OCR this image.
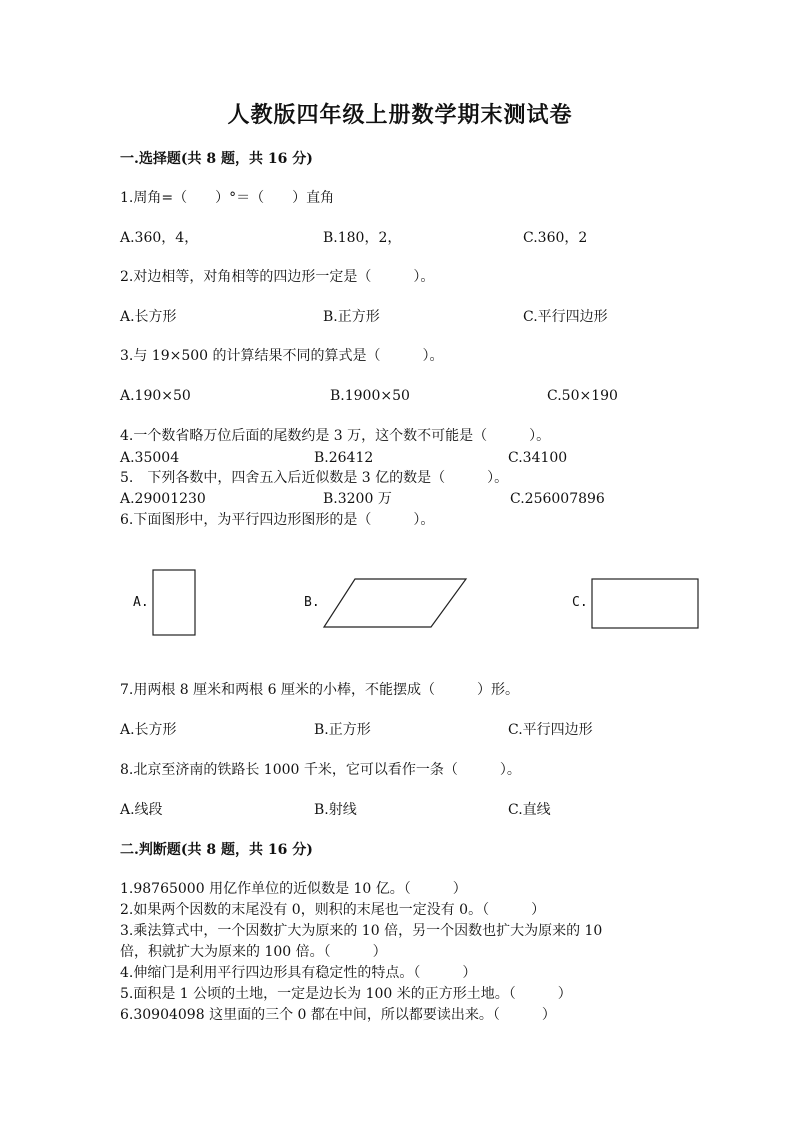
人教版四年级上册数学期末测试卷
一.选择题(共 8 题，共 16 分)
1.周角=（　　）°＝（　　）直角
A.360，4，	B.180，2，	C.360，2
2.对边相等，对角相等的四边形一定是（　　　）。
A.长方形	B.正方形	C.平行四边形
3.与 19×500 的计算结果不同的算式是（　　　）。
A.190×50	B.1900×50	C.50×190
4.一个数省略万位后面的尾数约是 3 万，这个数不可能是（　　　）。
A.35004	B.26412	C.34100
5.　下列各数中，四舍五入后近似数是 3 亿的数是（　　　）。
A.29001230	B.3200 万	C.256007896
6.下面图形中，为平行四边形图形的是（　　　）。
A.	B.	C.
7.用两根 8 厘米和两根 6 厘米的小棒，不能摆成（　　　）形。
A.长方形	B.正方形	C.平行四边形
8.北京至济南的铁路长 1000 千米，它可以看作一条（　　　）。
A.线段	B.射线	C.直线
二.判断题(共 8 题，共 16 分)
1.98765000 用亿作单位的近似数是 10 亿。（　　　）
2.如果两个因数的末尾没有 0，则积的末尾也一定没有 0。（　　　）
3.乘法算式中，一个因数扩大为原来的 10 倍，另一个因数也扩大为原来的 10
倍，积就扩大为原来的 100 倍。（　　　）
4.伸缩门是利用平行四边形具有稳定性的特点。（　　　）
5.面积是 1 公顷的土地，一定是边长为 100 米的正方形土地。（　　　）
6.30904098 这里面的三个 0 都在中间，所以都要读出来。（　　　）
